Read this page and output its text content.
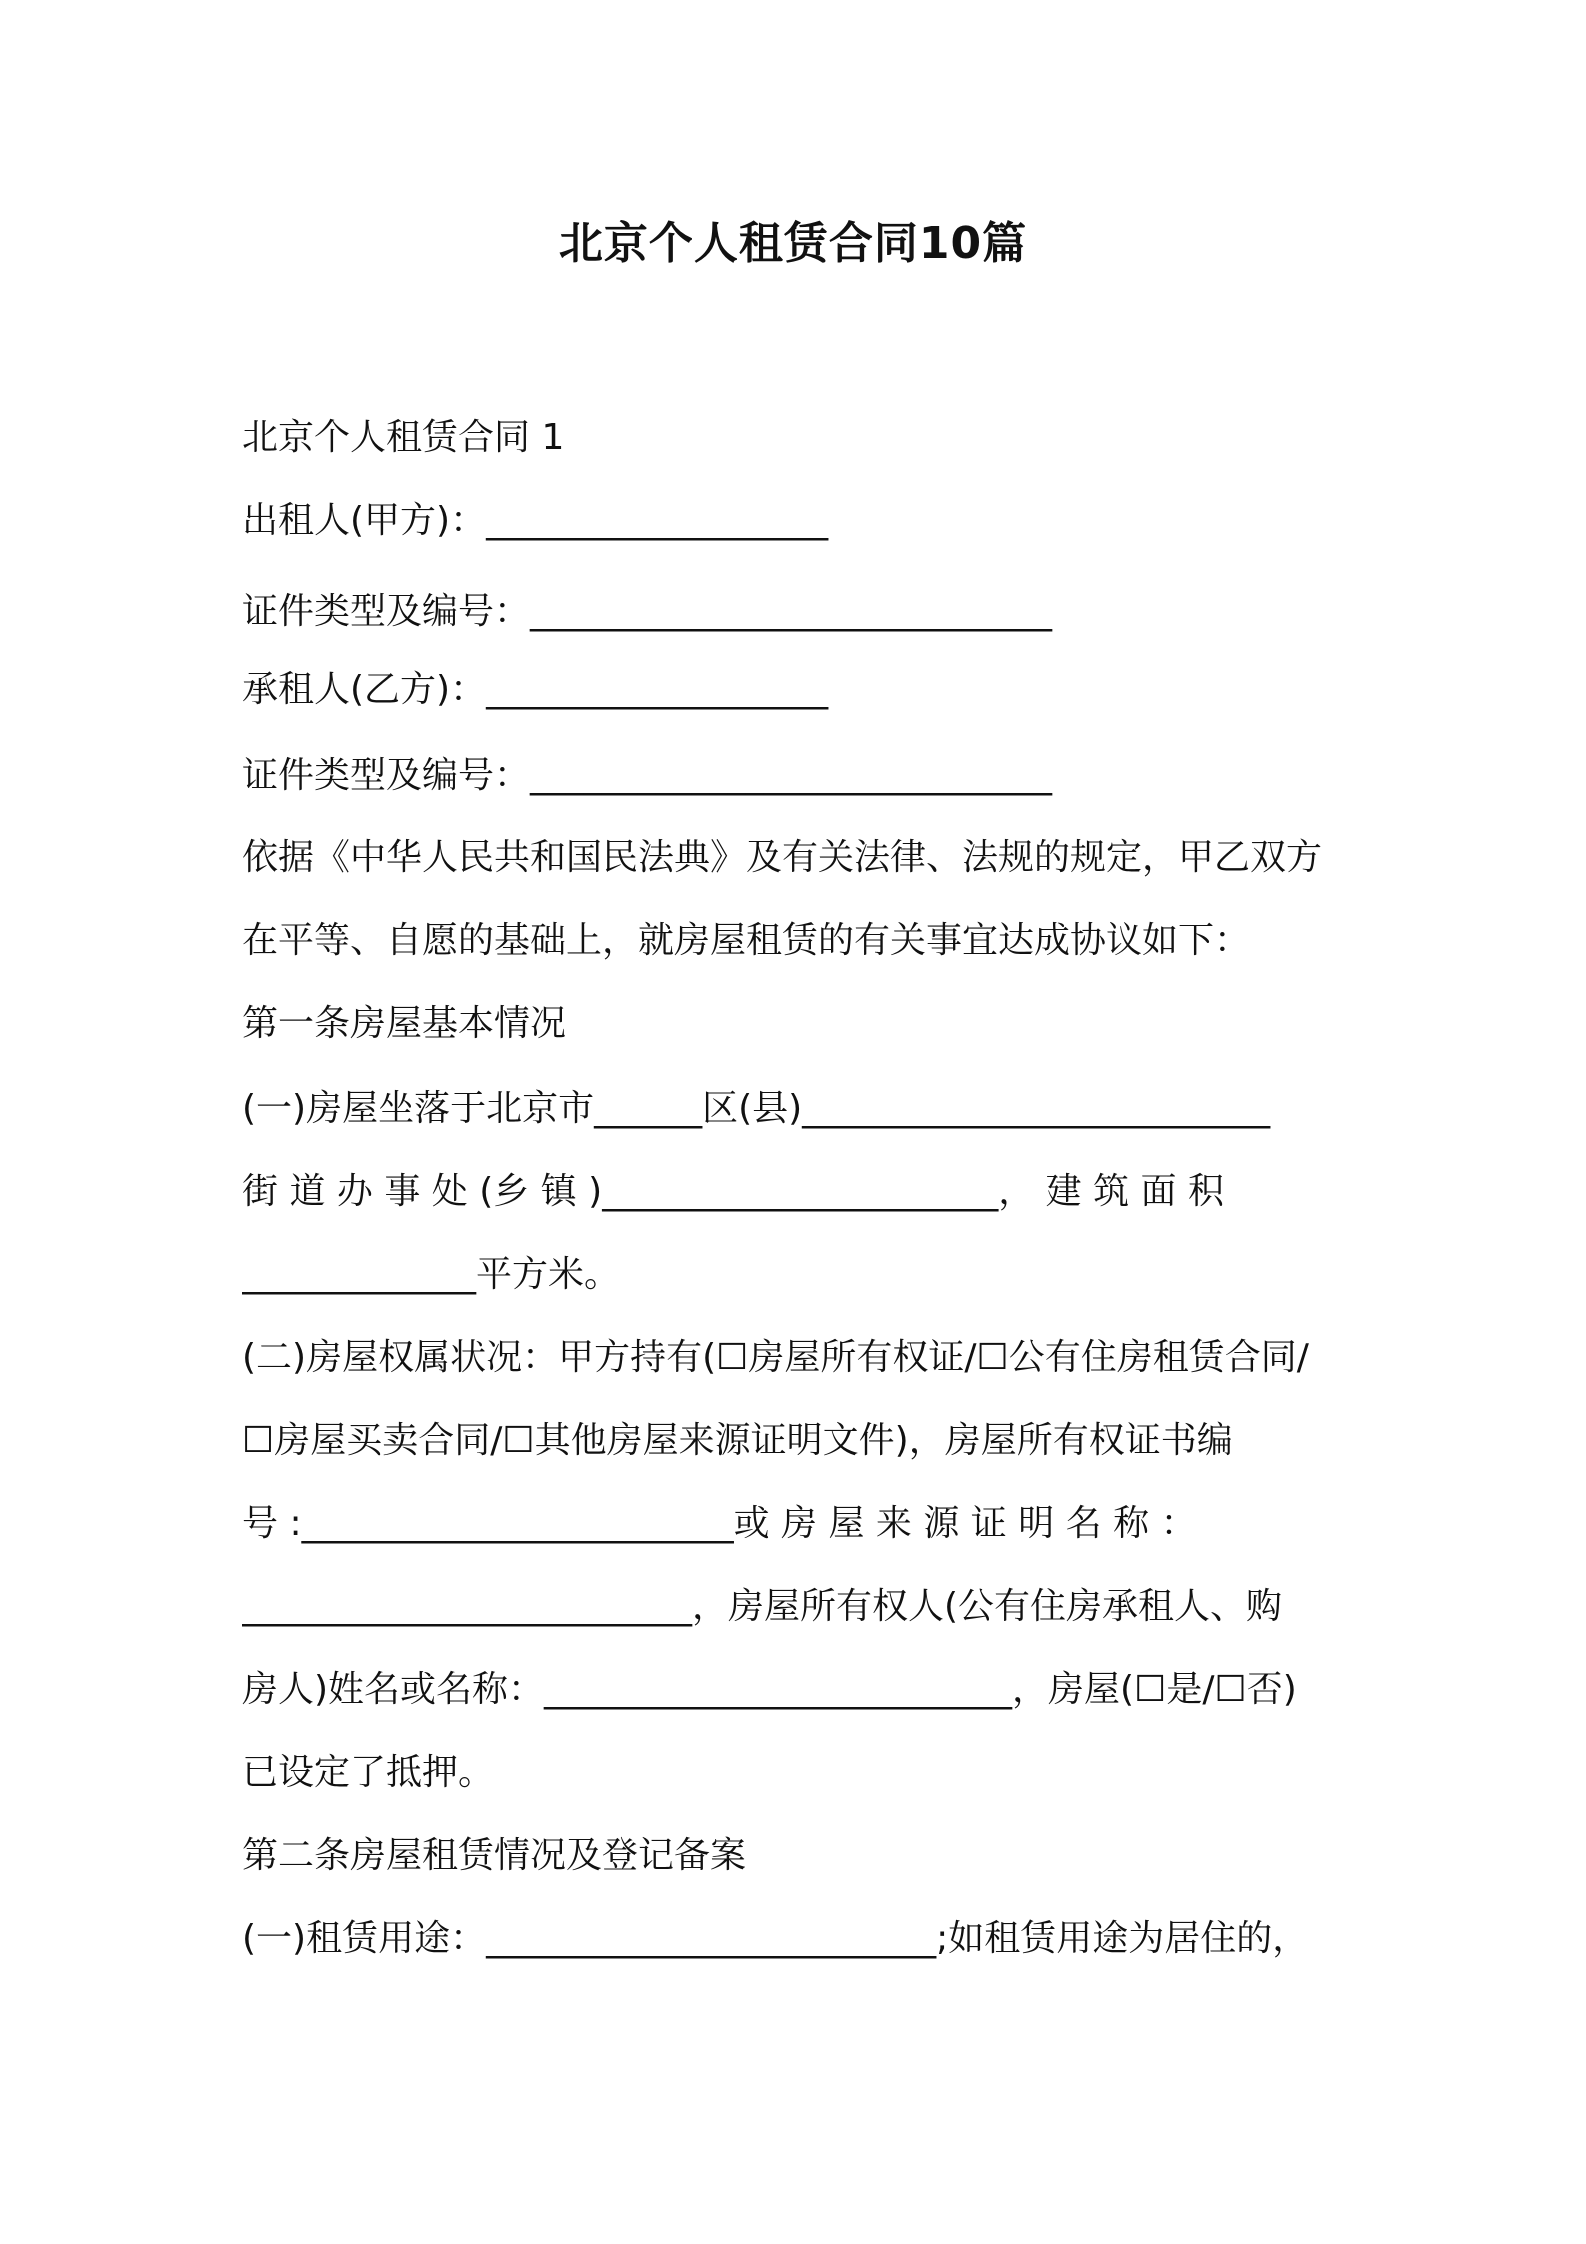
北京个人租赁合同10篇
北京个人租赁合同 1
出租人(甲方)：___________________
证件类型及编号：_____________________________
承租人(乙方)：___________________
证件类型及编号：_____________________________
依据《中华人民共和国民法典》及有关法律、法规的规定，甲乙双方
在平等、自愿的基础上，就房屋租赁的有关事宜达成协议如下：
第一条房屋基本情况
(一)房屋坐落于北京市______区(县)__________________________
街 道 办 事 处 (乡 镇 )______________________， 建 筑 面 积
_____________平方米。
(二)房屋权属状况：甲方持有(☐房屋所有权证/☐公有住房租赁合同/
☐房屋买卖合同/☐其他房屋来源证明文件)，房屋所有权证书编
号 :________________________或 房 屋 来 源 证 明 名 称 ：
_________________________，房屋所有权人(公有住房承租人、购
房人)姓名或名称：__________________________，房屋(☐是/☐否)
已设定了抵押。
第二条房屋租赁情况及登记备案
(一)租赁用途：_________________________;如租赁用途为居住的，
